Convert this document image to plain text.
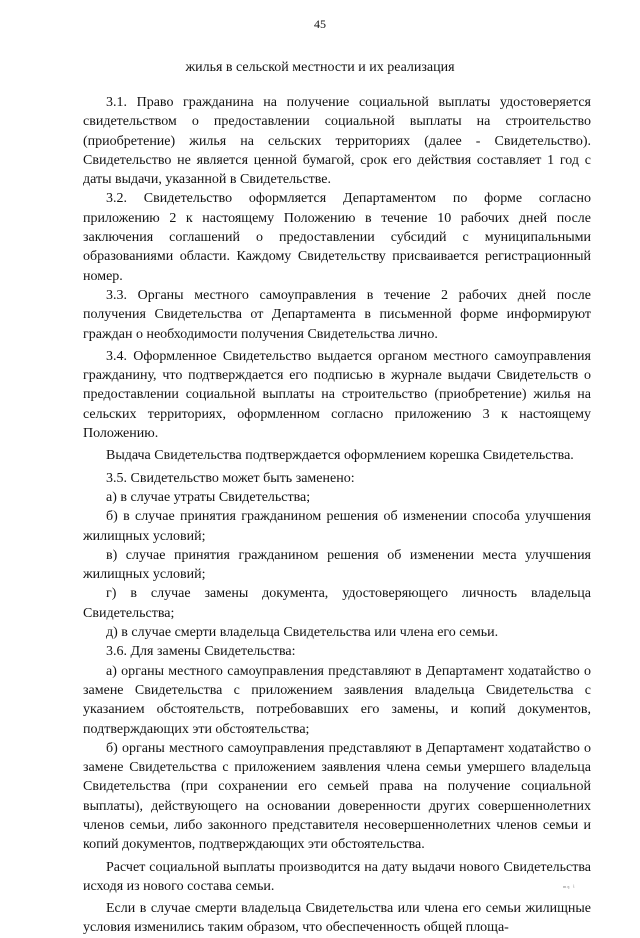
45
жилья в сельской местности и их реализация

3.1. Право гражданина на получение социальной выплаты удостоверяется свидетельством о предоставлении социальной выплаты на строительство (приобретение) жилья на сельских территориях (далее - Свидетельство). Свидетельство не является ценной бумагой, срок его действия составляет 1 год с даты выдачи, указанной в Свидетельстве.

3.2. Свидетельство оформляется Департаментом по форме согласно приложению 2 к настоящему Положению в течение 10 рабочих дней после заключения соглашений о предоставлении субсидий с муниципальными образованиями области. Каждому Свидетельству присваивается регистрационный номер.

3.3. Органы местного самоуправления в течение 2 рабочих дней после получения Свидетельства от Департамента в письменной форме информируют граждан о необходимости получения Свидетельства лично.

3.4. Оформленное Свидетельство выдается органом местного самоуправления гражданину, что подтверждается его подписью в журнале выдачи Свидетельств о предоставлении социальной выплаты на строительство (приобретение) жилья на сельских территориях, оформленном согласно приложению 3 к настоящему Положению.

Выдача Свидетельства подтверждается оформлением корешка Свидетельства.

3.5. Свидетельство может быть заменено:

а) в случае утраты Свидетельства;

б) в случае принятия гражданином решения об изменении способа улучшения жилищных условий;

в) случае принятия гражданином решения об изменении места улучшения жилищных условий;

г) в случае замены документа, удостоверяющего личность владельца Свидетельства;

д) в случае смерти владельца Свидетельства или члена его семьи.

3.6. Для замены Свидетельства:

а) органы местного самоуправления представляют в Департамент ходатайство о замене Свидетельства с приложением заявления владельца Свидетельства с указанием обстоятельств, потребовавших его замены, и копий документов, подтверждающих эти обстоятельства;

б) органы местного самоуправления представляют в Департамент ходатайство о замене Свидетельства с приложением заявления члена семьи умершего владельца Свидетельства (при сохранении его семьей права на получение социальной выплаты), действующего на основании доверенности других совершеннолетних членов семьи, либо законного представителя несовершеннолетних членов семьи и копий документов, подтверждающих эти обстоятельства.

Расчет социальной выплаты производится на дату выдачи нового Свидетельства исходя из нового состава семьи.

Если в случае смерти владельца Свидетельства или члена его семьи жилищные условия изменились таким образом, что обеспеченность общей площа-

ᵐᵑ ⁱ
